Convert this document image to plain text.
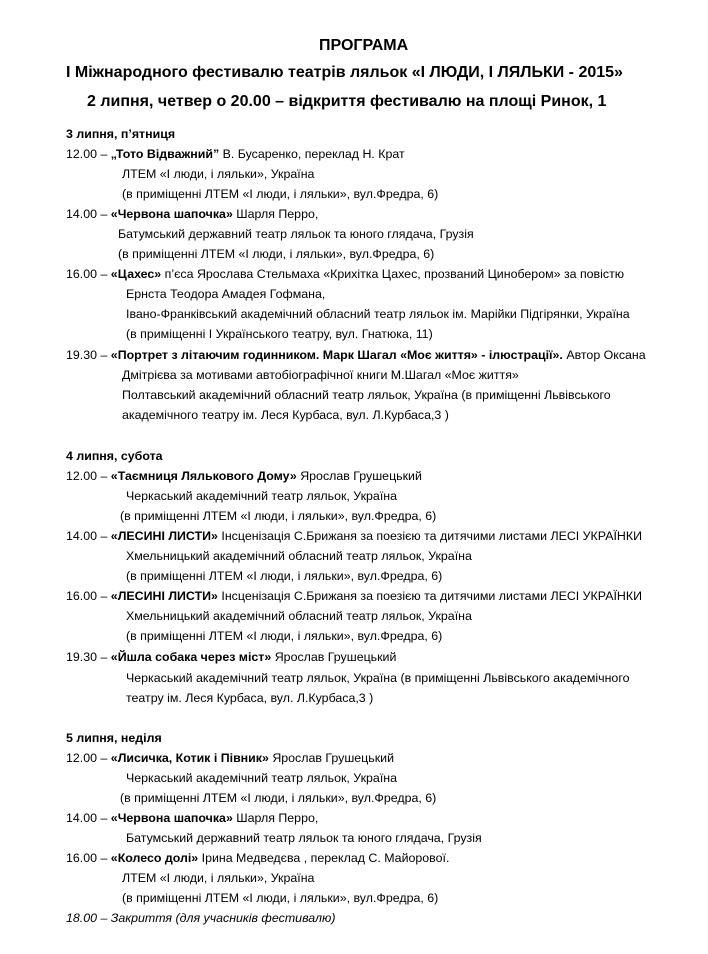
ПРОГРАМА
І Міжнародного фестивалю театрів ляльок «І ЛЮДИ, І ЛЯЛЬКИ - 2015»
2 липня, четвер о 20.00 – відкриття фестивалю на площі Ринок, 1
3 липня, п’ятниця
12.00 – „Тото Відважний” В. Бусаренко, переклад Н. Крат
ЛТЕМ «І люди, і ляльки», Україна
(в приміщенні ЛТЕМ «І люди, і ляльки», вул.Фредра, 6)
14.00 – «Червона шапочка» Шарля Перро,
Батумський державний театр ляльок та юного глядача, Грузія
(в приміщенні ЛТЕМ «І люди, і ляльки», вул.Фредра, 6)
16.00 – «Цахес» п’єса Ярослава Стельмаха «Крихітка Цахес, прозваний Цинобером» за повістю
Ернста Теодора Амадея Гофмана,
Івано-Франківський академічний обласний театр ляльок ім. Марійки Підгірянки, Україна
(в приміщенні І Українського театру, вул. Гнатюка, 11)
19.30 – «Портрет з літаючим годинником. Марк Шагал «Моє життя» - ілюстрації». Автор Оксана
Дмітрієва за мотивами автобіографічної книги М.Шагал «Моє життя»
Полтавський академічний обласний театр ляльок, Україна (в приміщенні Львівського
академічного театру ім. Леся Курбаса, вул. Л.Курбаса,3 )
4 липня, субота
12.00 – «Таємниця Лялькового Дому» Ярослав Грушецький
Черкаський академічний театр ляльок, Україна
(в приміщенні ЛТЕМ «І люди, і ляльки», вул.Фредра, 6)
14.00 – «ЛЕСИНІ ЛИСТИ» Інсценізація С.Брижаня за поезією та дитячими листами ЛЕСІ УКРАЇНКИ
Хмельницький академічний обласний театр ляльок, Україна
(в приміщенні ЛТЕМ «І люди, і ляльки», вул.Фредра, 6)
16.00 – «ЛЕСИНІ ЛИСТИ» Інсценізація С.Брижаня за поезією та дитячими листами ЛЕСІ УКРАЇНКИ
Хмельницький академічний обласний театр ляльок, Україна
(в приміщенні ЛТЕМ «І люди, і ляльки», вул.Фредра, 6)
19.30 – «Йшла собака через міст» Ярослав Грушецький
Черкаський академічний театр ляльок, Україна (в приміщенні Львівського академічного
театру ім. Леся Курбаса, вул. Л.Курбаса,3 )
5 липня, неділя
12.00 – «Лисичка, Котик і Півник» Ярослав Грушецький
Черкаський академічний театр ляльок, Україна
(в приміщенні ЛТЕМ «І люди, і ляльки», вул.Фредра, 6)
14.00 – «Червона шапочка» Шарля Перро,
Батумський державний театр ляльок та юного глядача, Грузія
16.00 – «Колесо долі» Ірина Медведєва , переклад С. Майорової.
ЛТЕМ «І люди, і ляльки», Україна
(в приміщенні ЛТЕМ «І люди, і ляльки», вул.Фредра, 6)
18.00 – Закриття (для учасників фестивалю)
